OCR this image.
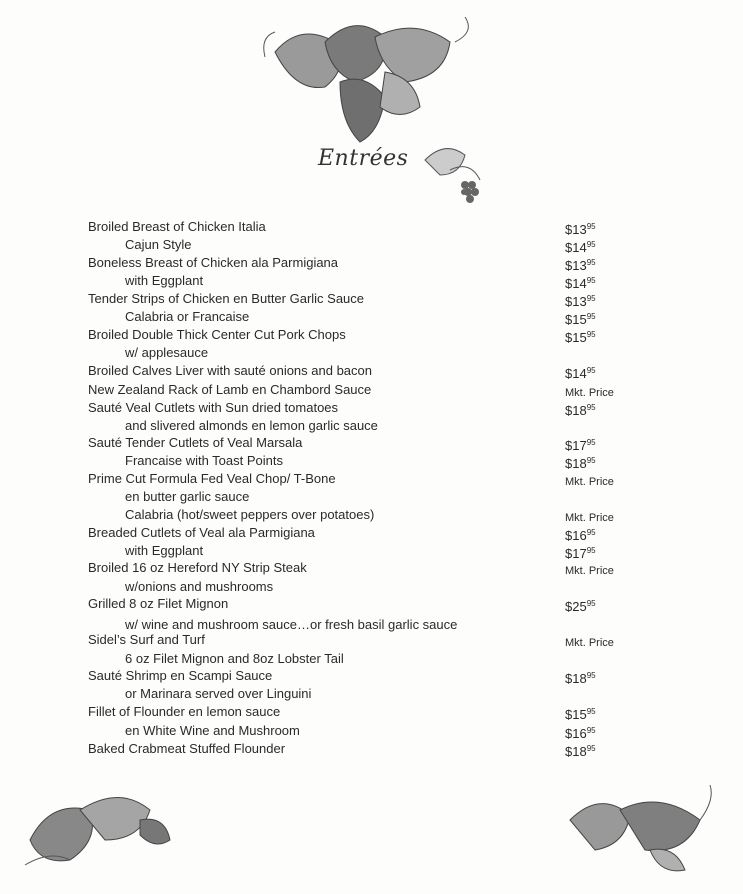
Entrées
Broiled Breast of Chicken Italia	$\$13^{95}$
Cajun Style	$\$14^{95}$
Boneless Breast of Chicken ala Parmigiana	$\$13^{95}$
with Eggplant	$\$14^{95}$
Tender Strips of Chicken en Butter Garlic Sauce	$\$13^{95}$
Calabria or Francaise	$\$15^{95}$
Broiled Double Thick Center Cut Pork Chops	$\$15^{95}$
w/ applesauce
Broiled Calves Liver with sauté onions and bacon	$\$14^{95}$
New Zealand Rack of Lamb en Chambord Sauce	Mkt. Price
Sauté Veal Cutlets with Sun dried tomatoes	$\$18^{95}$
and slivered almonds en lemon garlic sauce
Sauté Tender Cutlets of Veal Marsala	$\$17^{95}$
Francaise with Toast Points	$\$18^{95}$
Prime Cut Formula Fed Veal Chop/ T-Bone	Mkt. Price
en butter garlic sauce
Calabria (hot/sweet peppers over potatoes)	Mkt. Price
Breaded Cutlets of Veal ala Parmigiana	$\$16^{95}$
with Eggplant	$\$17^{95}$
Broiled 16 oz Hereford NY Strip Steak	Mkt. Price
w/onions and mushrooms
Grilled 8 oz Filet Mignon	$\$25^{95}$
w/ wine and mushroom sauce…or fresh basil garlic sauce
Sidel’s Surf and Turf	Mkt. Price
6 oz Filet Mignon and 8oz Lobster Tail
Sauté Shrimp en Scampi Sauce	$\$18^{95}$
or Marinara served over Linguini
Fillet of Flounder en lemon sauce	$\$15^{95}$
en White Wine and Mushroom	$\$16^{95}$
Baked Crabmeat Stuffed Flounder	$\$18^{95}$
